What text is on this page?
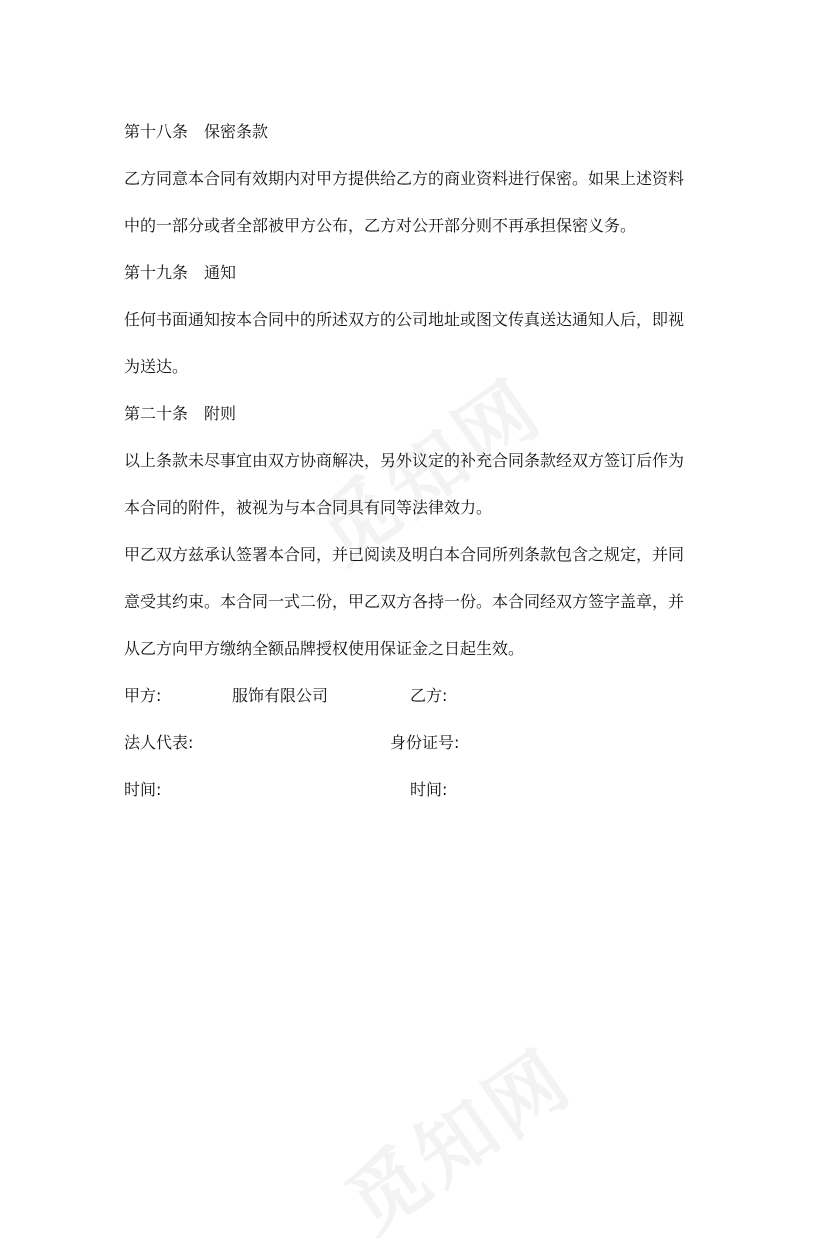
第十八条 保密条款
乙方同意本合同有效期内对甲方提供给乙方的商业资料进行保密。如果上述资料
中的一部分或者全部被甲方公布，乙方对公开部分则不再承担保密义务。
第十九条 通知
任何书面通知按本合同中的所述双方的公司地址或图文传真送达通知人后，即视
为送达。
第二十条 附则
以上条款未尽事宜由双方协商解决，另外议定的补充合同条款经双方签订后作为
本合同的附件，被视为与本合同具有同等法律效力。
甲乙双方兹承认签署本合同，并已阅读及明白本合同所列条款包含之规定，并同
意受其约束。本合同一式二份，甲乙双方各持一份。本合同经双方签字盖章，并
从乙方向甲方缴纳全额品牌授权使用保证金之日起生效。
甲方:	服饰有限公司	乙方:
法人代表:	身份证号:
时间:	时间:
